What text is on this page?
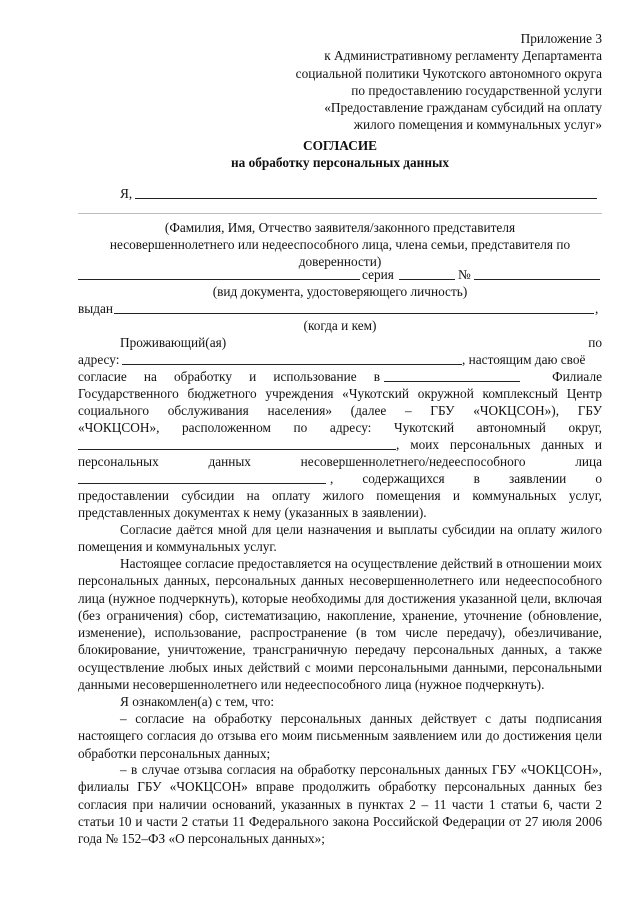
Приложение 3
к Административному регламенту Департамента
социальной политики Чукотского автономного округа
по предоставлению государственной услуги
«Предоставление гражданам субсидий на оплату
жилого помещения и коммунальных услуг»
СОГЛАСИЕ
на обработку персональных данных
Я,
(Фамилия, Имя, Отчество заявителя/законного представителя
несовершеннолетнего или недееспособного лица, члена семьи, представителя по
доверенности)
серия	№
(вид документа, удостоверяющего личность)
выдан	,
(когда и кем)
Проживающий(ая)	по
адресу:	, настоящим даю своё
согласие на обработку и использование в	Филиале
Государственного бюджетного учреждения «Чукотский окружной комплексный Центр
социального обслуживания населения» (далее – ГБУ «ЧОКЦСОН»), ГБУ
«ЧОКЦСОН», расположенном по адресу: Чукотский автономный округ,
, моих персональных данных и
персональных данных несовершеннолетнего/недееспособного лица
, содержащихся в заявлении о
предоставлении субсидии на оплату жилого помещения и коммунальных услуг,
представленных документах к нему (указанных в заявлении).
Согласие даётся мной для цели назначения и выплаты субсидии на оплату жилого помещения и коммунальных услуг.
Настоящее согласие предоставляется на осуществление действий в отношении моих персональных данных, персональных данных несовершеннолетнего или недееспособного лица (нужное подчеркнуть), которые необходимы для достижения указанной цели, включая (без ограничения) сбор, систематизацию, накопление, хранение, уточнение (обновление, изменение), использование, распространение (в том числе передачу), обезличивание, блокирование, уничтожение, трансграничную передачу персональных данных, а также осуществление любых иных действий с моими персональными данными, персональными данными несовершеннолетнего или недееспособного лица (нужное подчеркнуть).
Я ознакомлен(а) с тем, что:
– согласие на обработку персональных данных действует с даты подписания настоящего согласия до отзыва его моим письменным заявлением или до достижения цели обработки персональных данных;
– в случае отзыва согласия на обработку персональных данных ГБУ «ЧОКЦСОН», филиалы ГБУ «ЧОКЦСОН» вправе продолжить обработку персональных данных без согласия при наличии оснований, указанных в пунктах 2 – 11 части 1 статьи 6, части 2 статьи 10 и части 2 статьи 11 Федерального закона Российской Федерации от 27 июля 2006 года № 152–ФЗ «О персональных данных»;
